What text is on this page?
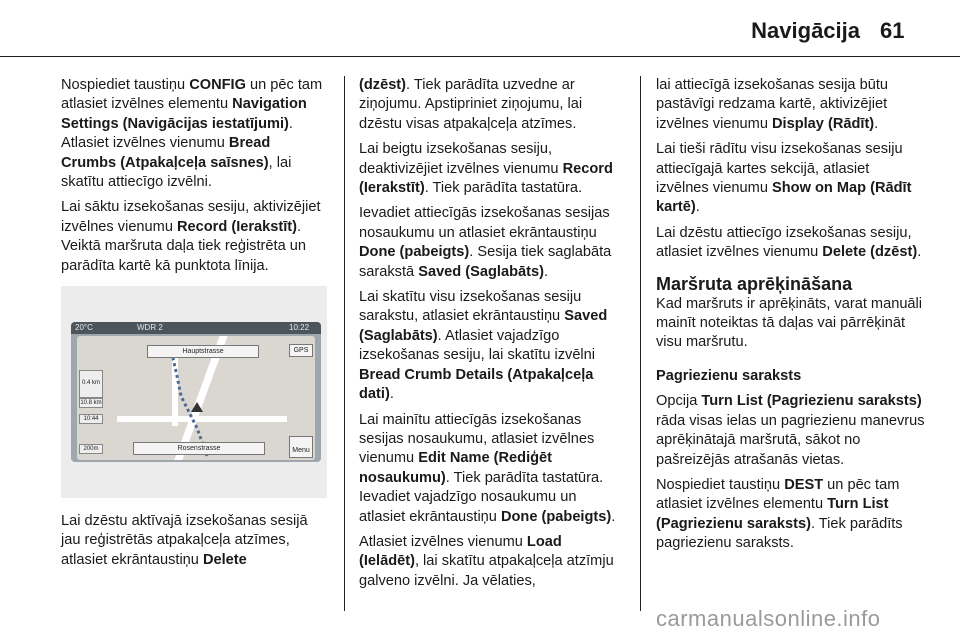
Navigācija 61

Nospiediet taustiņu CONFIG un pēc tam atlasiet izvēlnes elementu Navigation Settings (Navigācijas iestatījumi). Atlasiet izvēlnes vienumu Bread Crumbs (Atpakaļceļa saīsnes), lai skatītu attiecīgo izvēlni.

Lai sāktu izsekošanas sesiju, aktivizējiet izvēlnes vienumu Record (Ierakstīt). Veiktā maršruta daļa tiek reģistrēta un parādīta kartē kā punktota līnija.

20°C	WDR 2	10:22
Hauptstrasse	GPS
0.4 km
10.8 km
10:44
200m	Rosenstrasse	Menu

Lai dzēstu aktīvajā izsekošanas sesijā jau reģistrētās atpakaļceļa atzīmes, atlasiet ekrāntaustiņu Delete

(dzēst). Tiek parādīta uzvedne ar ziņojumu. Apstipriniet ziņojumu, lai dzēstu visas atpakaļceļa atzīmes.

Lai beigtu izsekošanas sesiju, deaktivizējiet izvēlnes vienumu Record (Ierakstīt). Tiek parādīta tastatūra.

Ievadiet attiecīgās izsekošanas sesijas nosaukumu un atlasiet ekrāntaustiņu Done (pabeigts). Sesija tiek saglabāta sarakstā Saved (Saglabāts).

Lai skatītu visu izsekošanas sesiju sarakstu, atlasiet ekrāntaustiņu Saved (Saglabāts). Atlasiet vajadzīgo izsekošanas sesiju, lai skatītu izvēlni Bread Crumb Details (Atpakaļceļa dati).

Lai mainītu attiecīgās izsekošanas sesijas nosaukumu, atlasiet izvēlnes vienumu Edit Name (Rediģēt nosaukumu). Tiek parādīta tastatūra. Ievadiet vajadzīgo nosaukumu un atlasiet ekrāntaustiņu Done (pabeigts).

Atlasiet izvēlnes vienumu Load (Ielādēt), lai skatītu atpakaļceļa atzīmju galveno izvēlni. Ja vēlaties,

lai attiecīgā izsekošanas sesija būtu pastāvīgi redzama kartē, aktivizējiet izvēlnes vienumu Display (Rādīt).

Lai tieši rādītu visu izsekošanas sesiju attiecīgajā kartes sekcijā, atlasiet izvēlnes vienumu Show on Map (Rādīt kartē).

Lai dzēstu attiecīgo izsekošanas sesiju, atlasiet izvēlnes vienumu Delete (dzēst).

Maršruta aprēķināšana

Kad maršruts ir aprēķināts, varat manuāli mainīt noteiktas tā daļas vai pārrēķināt visu maršrutu.

Pagriezienu saraksts

Opcija Turn List (Pagriezienu saraksts) rāda visas ielas un pagriezienu manevrus aprēķinātajā maršrutā, sākot no pašreizējās atrašanās vietas.

Nospiediet taustiņu DEST un pēc tam atlasiet izvēlnes elementu Turn List (Pagriezienu saraksts). Tiek parādīts pagriezienu saraksts.

carmanualsonline.info
